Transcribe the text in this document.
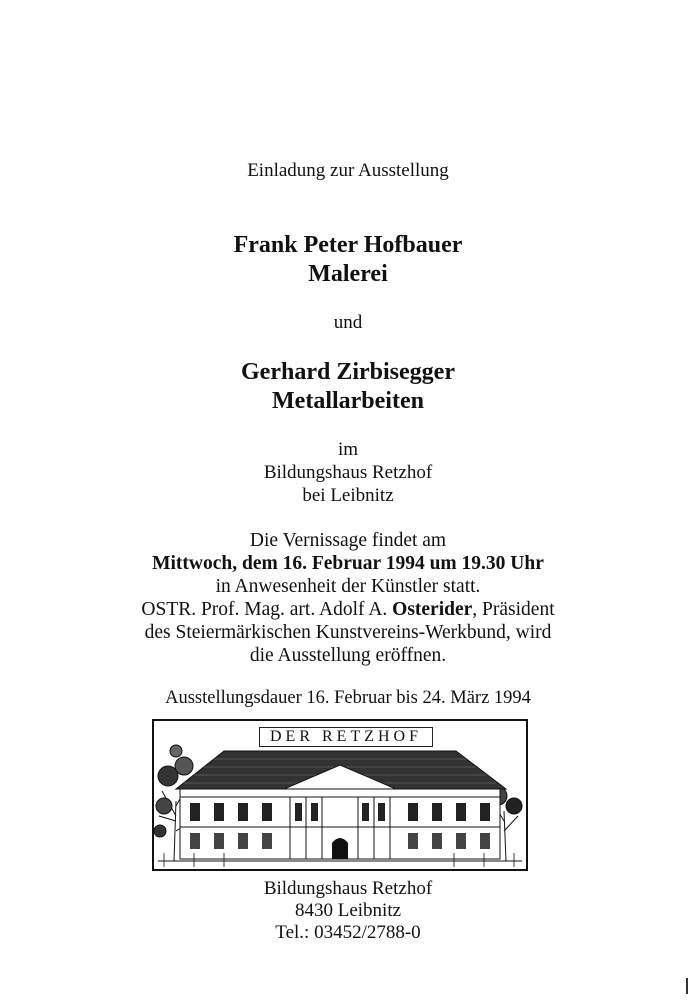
Einladung zur Ausstellung
Frank Peter Hofbauer
Malerei
und
Gerhard Zirbisegger
Metallarbeiten
im
Bildungshaus Retzhof
bei Leibnitz
Die Vernissage findet am
Mittwoch, dem 16. Februar 1994 um 19.30 Uhr
in Anwesenheit der Künstler statt.
OSTR. Prof. Mag. art. Adolf A. Osterider, Präsident
des Steiermärkischen Kunstvereins-Werkbund, wird
die Ausstellung eröffnen.
Ausstellungsdauer 16. Februar bis 24. März 1994
DER RETZHOF
Bildungshaus Retzhof
8430 Leibnitz
Tel.: 03452/2788-0
